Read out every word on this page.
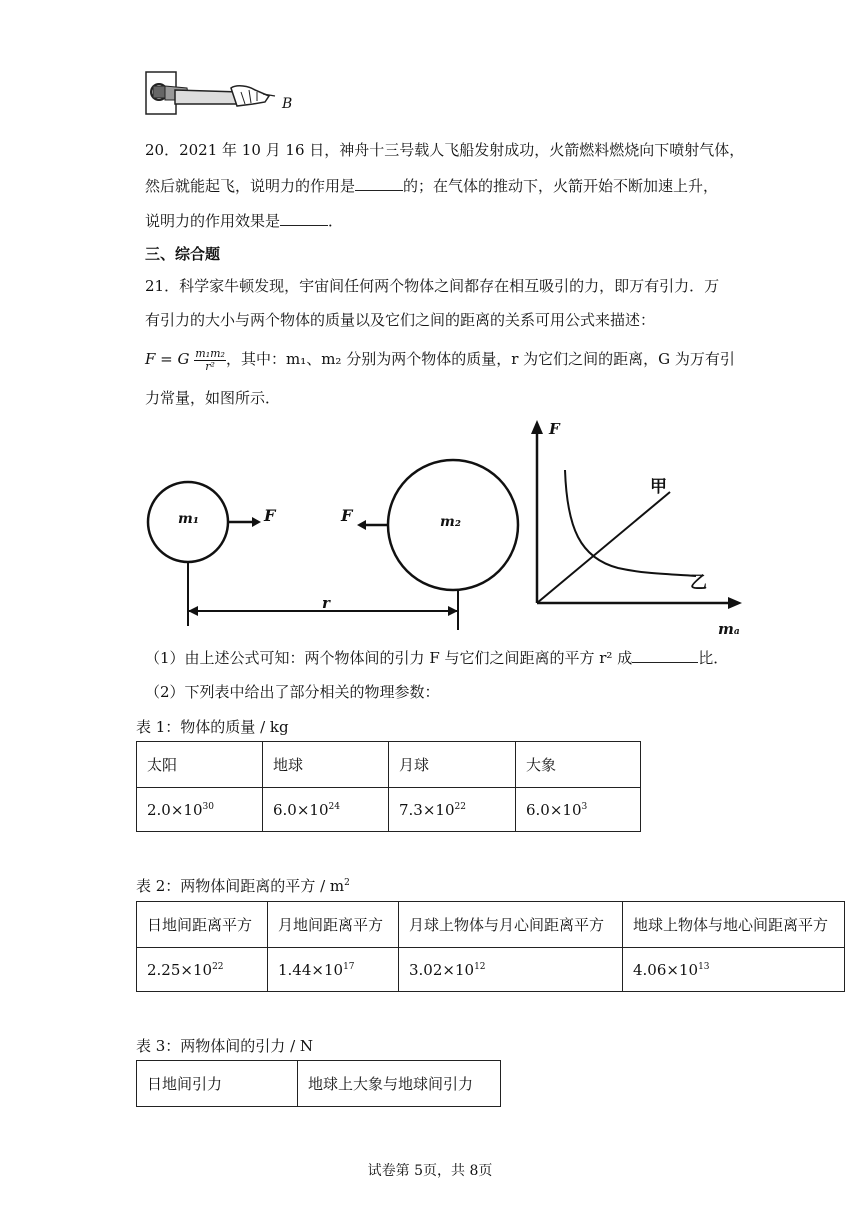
B
20．2021 年 10 月 16 日，神舟十三号载人飞船发射成功，火箭燃料燃烧向下喷射气体，
然后就能起飞，说明力的作用是	的；在气体的推动下，火箭开始不断加速上升，
说明力的作用效果是	．
三、综合题
21．科学家牛顿发现，宇宙间任何两个物体之间都存在相互吸引的力，即万有引力．万
有引力的大小与两个物体的质量以及它们之间的距离的关系可用公式来描述：
F = G $\frac{\text{m₁m₂}}{\text{r²}}$ ，其中：m₁、m₂ 分别为两个物体的质量，r 为它们之间的距离，G 为万有引
力常量，如图所示．
m₁	m₂
F	F
r
F
ma
甲
乙
（1）由上述公式可知：两个物体间的引力 F 与它们之间距离的平方 r² 成	比．
（2）下列表中给出了部分相关的物理参数：
表 1：物体的质量 / kg
太阳	地球	月球	大象
$2.0\times 10^{30}$	$6.0\times 10^{24}$	$7.3\times 10^{22}$	$6.0\times 10^3$
表 2：两物体间距离的平方 / $m^2$
日地间距离平方	月地间距离平方	月球上物体与月心间距离平方	地球上物体与地心间距离平方
$2.25\times 10^{22}$	$1.44\times 10^{17}$	$3.02\times 10^{12}$	$4.06\times 10^{13}$
表 3：两物体间的引力 / N
日地间引力	地球上大象与地球间引力
试卷第 5页，共 8页
